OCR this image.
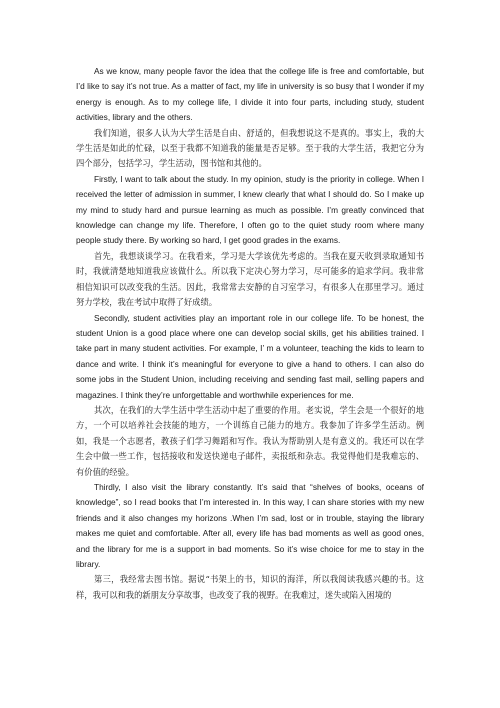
As we know, many people favor the idea that the college life is free and comfortable, but I’d like to say it’s not true. As a matter of fact, my life in university is so busy that I wonder if my energy is enough. As to my college life, I divide it into four parts, including study, student activities, library and the others.

我们知道，很多人认为大学生活是自由、舒适的，但我想说这不是真的。事实上，我的大学生活是如此的忙碌，以至于我都不知道我的能量是否足够。至于我的大学生活，我把它分为四个部分，包括学习，学生活动，图书馆和其他的。

Firstly, I want to talk about the study. In my opinion, study is the priority in college. When I received the letter of admission in summer, I knew clearly that what I should do. So I make up my mind to study hard and pursue learning as much as possible. I’m greatly convinced that knowledge can change my life. Therefore, I often go to the quiet study room where many people study there. By working so hard, I get good grades in the exams.

首先，我想谈谈学习。在我看来，学习是大学该优先考虑的。当我在夏天收到录取通知书时，我就清楚地知道我应该做什么。所以我下定决心努力学习，尽可能多的追求学问。我非常相信知识可以改变我的生活。因此，我常常去安静的自习室学习，有很多人在那里学习。通过努力学校，我在考试中取得了好成绩。

Secondly, student activities play an important role in our college life. To be honest, the student Union is a good place where one can develop social skills, get his abilities trained. I take part in many student activities. For example, I’ m a volunteer, teaching the kids to learn to dance and write. I think it’s meaningful for everyone to give a hand to others. I can also do some jobs in the Student Union, including receiving and sending fast mail, selling papers and magazines. I think they’re unforgettable and worthwhile experiences for me.

其次，在我们的大学生活中学生活动中起了重要的作用。老实说，学生会是一个很好的地方，一个可以培养社会技能的地方，一个训练自己能力的地方。我参加了许多学生活动。例如，我是一个志愿者，教孩子们学习舞蹈和写作。我认为帮助别人是有意义的。我还可以在学生会中做一些工作，包括接收和发送快递电子邮件，卖报纸和杂志。我觉得他们是我难忘的、有价值的经验。

Thirdly, I also visit the library constantly. It’s said that “shelves of books, oceans of knowledge”, so I read books that I’m interested in. In this way, I can share stories with my new friends and it also changes my horizons .When I’m sad, lost or in trouble, staying the library makes me quiet and comfortable. After all, every life has bad moments as well as good ones, and the library for me is a support in bad moments. So it’s wise choice for me to stay in the library.

第三，我经常去图书馆。据说“书架上的书，知识的海洋，所以我阅读我感兴趣的书。这样，我可以和我的新朋友分享故事，也改变了我的视野。在我难过，迷失或陷入困境的
